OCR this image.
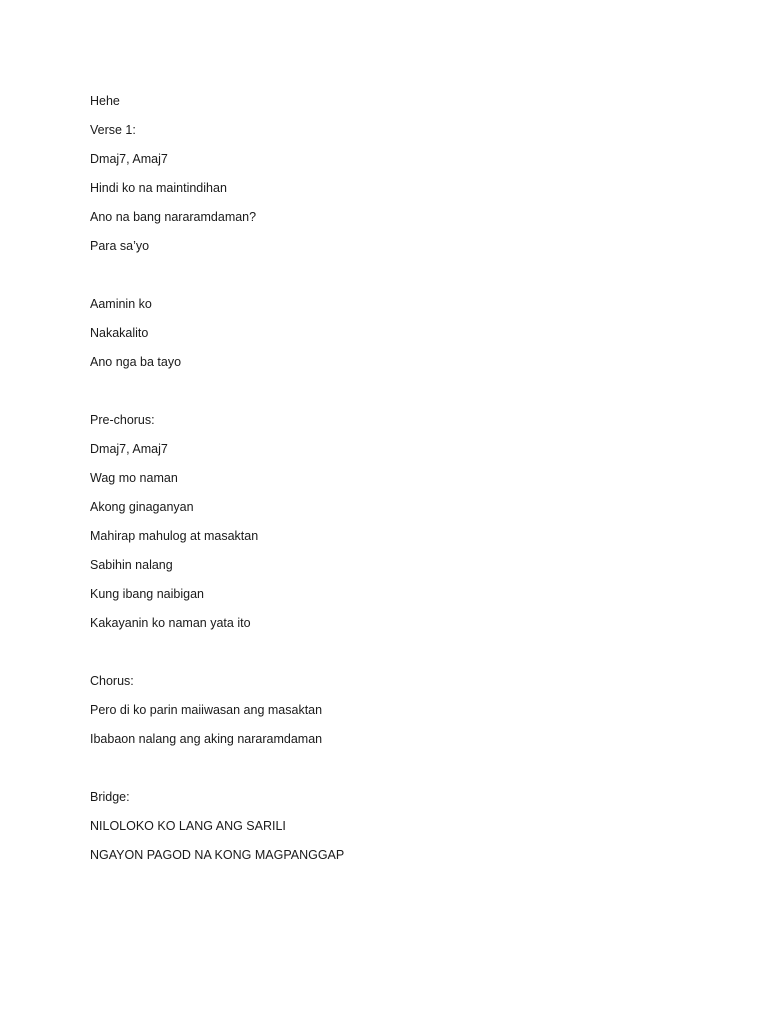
Hehe
Verse 1:
Dmaj7, Amaj7
Hindi ko na maintindihan
Ano na bang nararamdaman?
Para sa’yo
Aaminin ko
Nakakalito
Ano nga ba tayo
Pre-chorus:
Dmaj7, Amaj7
Wag mo naman
Akong ginaganyan
Mahirap mahulog at masaktan
Sabihin nalang
Kung ibang naibigan
Kakayanin ko naman yata ito
Chorus:
Pero di ko parin maiiwasan ang masaktan
Ibabaon nalang ang aking nararamdaman
Bridge:
NILOLOKO KO LANG ANG SARILI
NGAYON PAGOD NA KONG MAGPANGGAP
